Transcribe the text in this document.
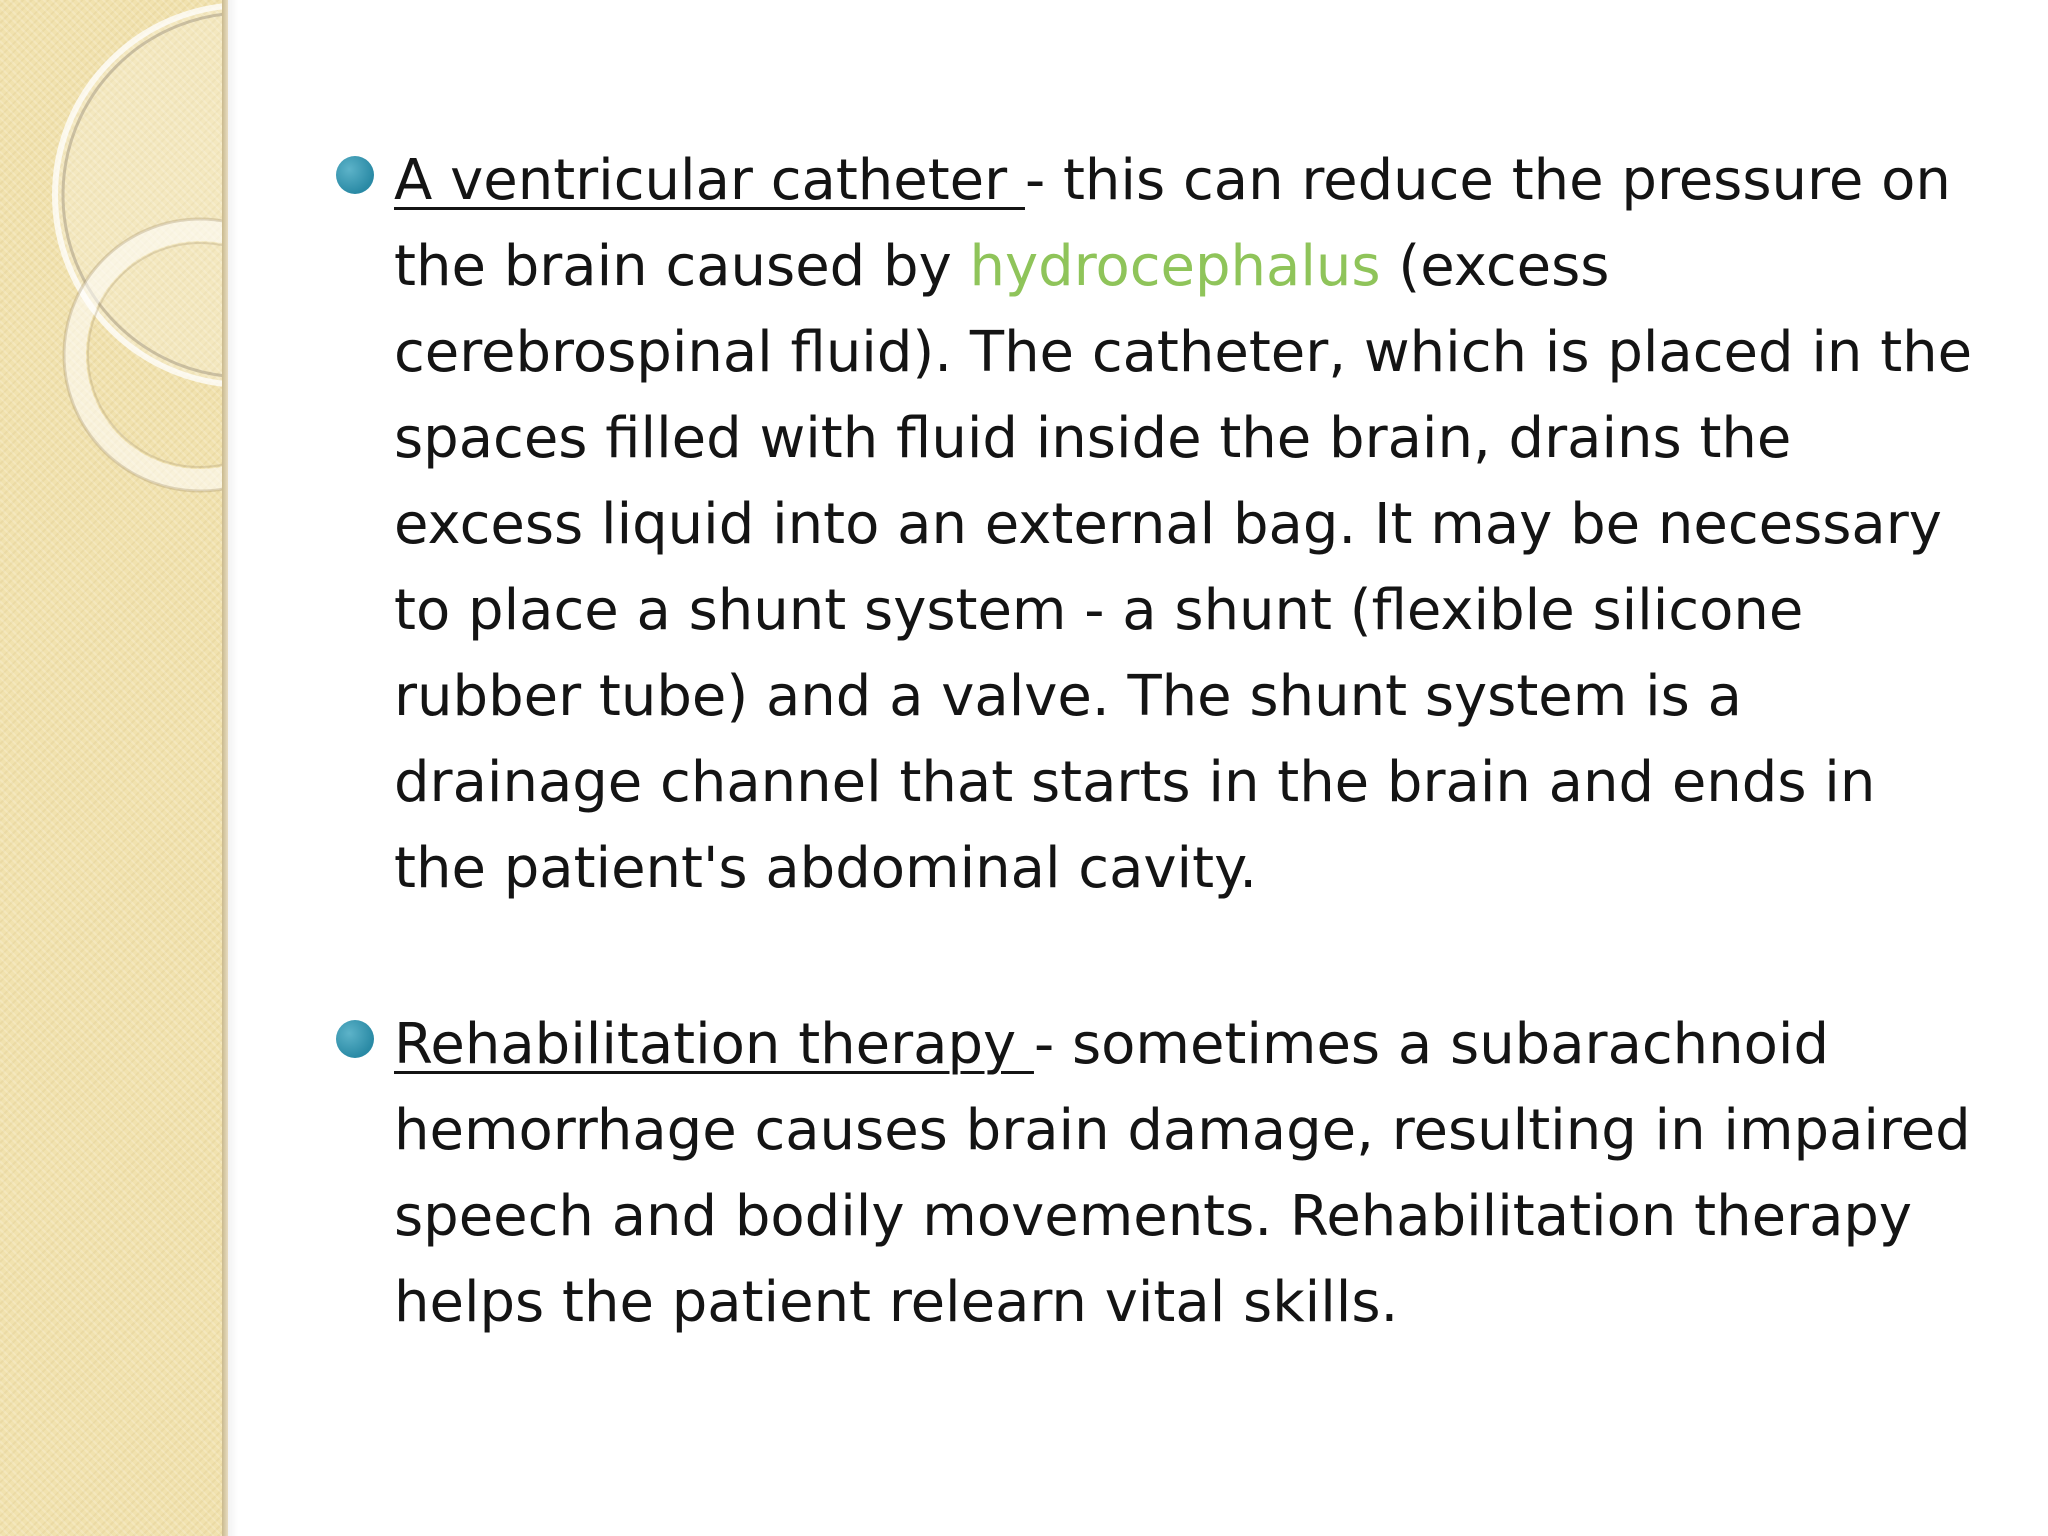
A ventricular catheter - this can reduce the pressure on the brain caused by hydrocephalus (excess cerebrospinal fluid). The catheter, which is placed in the spaces filled with fluid inside the brain, drains the excess liquid into an external bag. It may be necessary to place a shunt system - a shunt (flexible silicone rubber tube) and a valve. The shunt system is a drainage channel that starts in the brain and ends in the patient's abdominal cavity.
Rehabilitation therapy - sometimes a subarachnoid hemorrhage causes brain damage, resulting in impaired speech and bodily movements. Rehabilitation therapy helps the patient relearn vital skills.
